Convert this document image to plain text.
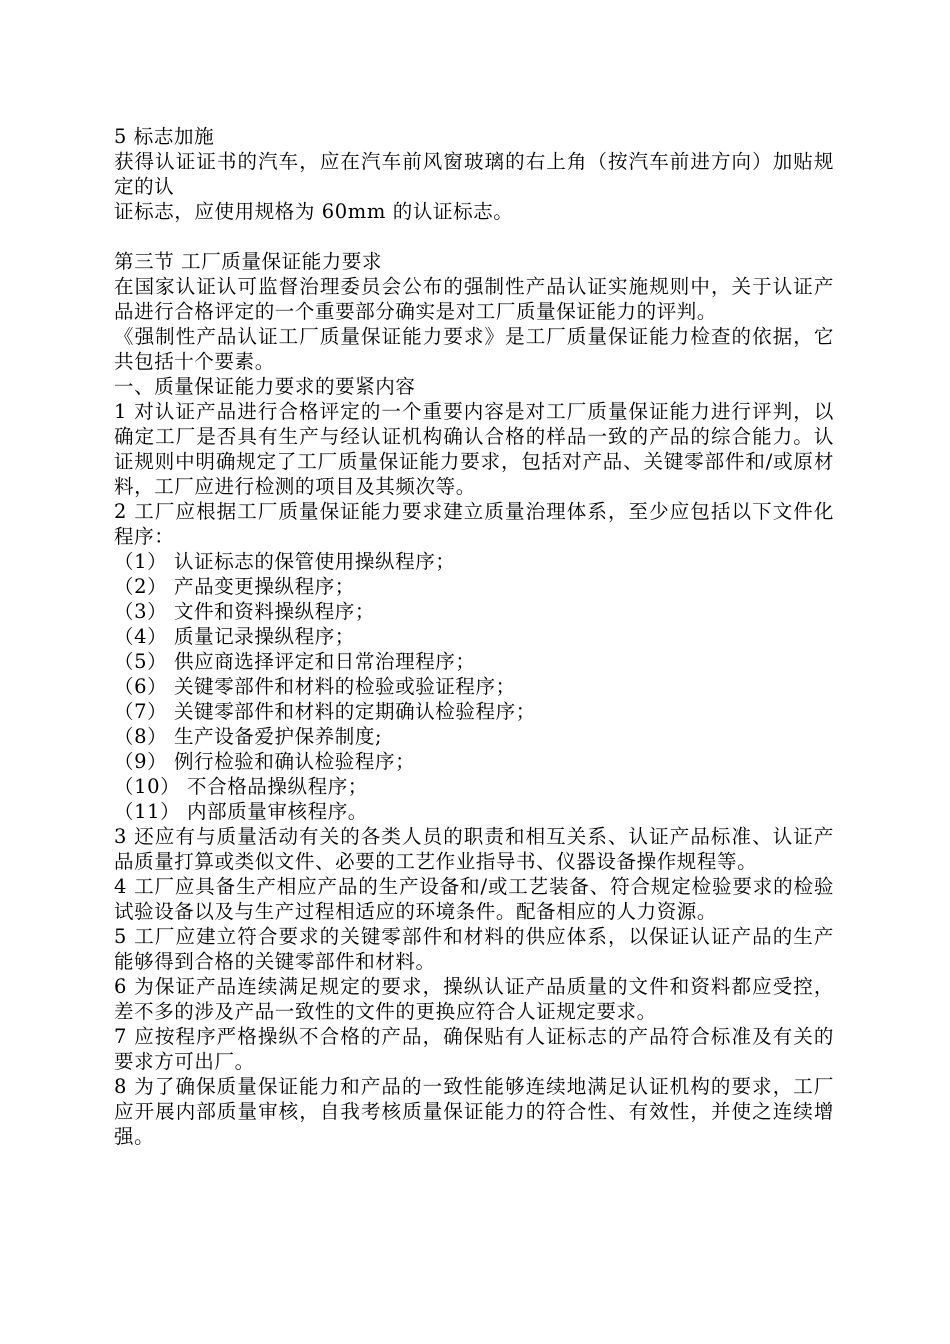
5 标志加施

获得认证证书的汽车，应在汽车前风窗玻璃的右上角（按汽车前进方向）加贴规定的认

证标志，应使用规格为 60mm 的认证标志。

第三节 工厂质量保证能力要求

在国家认证认可监督治理委员会公布的强制性产品认证实施规则中，关于认证产品进行合格评定的一个重要部分确实是对工厂质量保证能力的评判。

《强制性产品认证工厂质量保证能力要求》是工厂质量保证能力检查的依据，它共包括十个要素。

一、质量保证能力要求的要紧内容

1 对认证产品进行合格评定的一个重要内容是对工厂质量保证能力进行评判，以确定工厂是否具有生产与经认证机构确认合格的样品一致的产品的综合能力。认证规则中明确规定了工厂质量保证能力要求，包括对产品、关键零部件和/或原材料，工厂应进行检测的项目及其频次等。

2 工厂应根据工厂质量保证能力要求建立质量治理体系，至少应包括以下文件化程序：

（1） 认证标志的保管使用操纵程序；

（2） 产品变更操纵程序；

（3） 文件和资料操纵程序；

（4） 质量记录操纵程序；

（5） 供应商选择评定和日常治理程序；

（6） 关键零部件和材料的检验或验证程序；

（7） 关键零部件和材料的定期确认检验程序；

（8） 生产设备爱护保养制度;

（9） 例行检验和确认检验程序；

（10） 不合格品操纵程序；

（11） 内部质量审核程序。

3 还应有与质量活动有关的各类人员的职责和相互关系、认证产品标准、认证产品质量打算或类似文件、必要的工艺作业指导书、仪器设备操作规程等。

4 工厂应具备生产相应产品的生产设备和/或工艺装备、符合规定检验要求的检验试验设备以及与生产过程相适应的环境条件。配备相应的人力资源。

5 工厂应建立符合要求的关键零部件和材料的供应体系，以保证认证产品的生产能够得到合格的关键零部件和材料。

6 为保证产品连续满足规定的要求，操纵认证产品质量的文件和资料都应受控，差不多的涉及产品一致性的文件的更换应符合人证规定要求。

7 应按程序严格操纵不合格的产品，确保贴有人证标志的产品符合标准及有关的要求方可出厂。

8 为了确保质量保证能力和产品的一致性能够连续地满足认证机构的要求，工厂应开展内部质量审核，自我考核质量保证能力的符合性、有效性，并使之连续增强。
